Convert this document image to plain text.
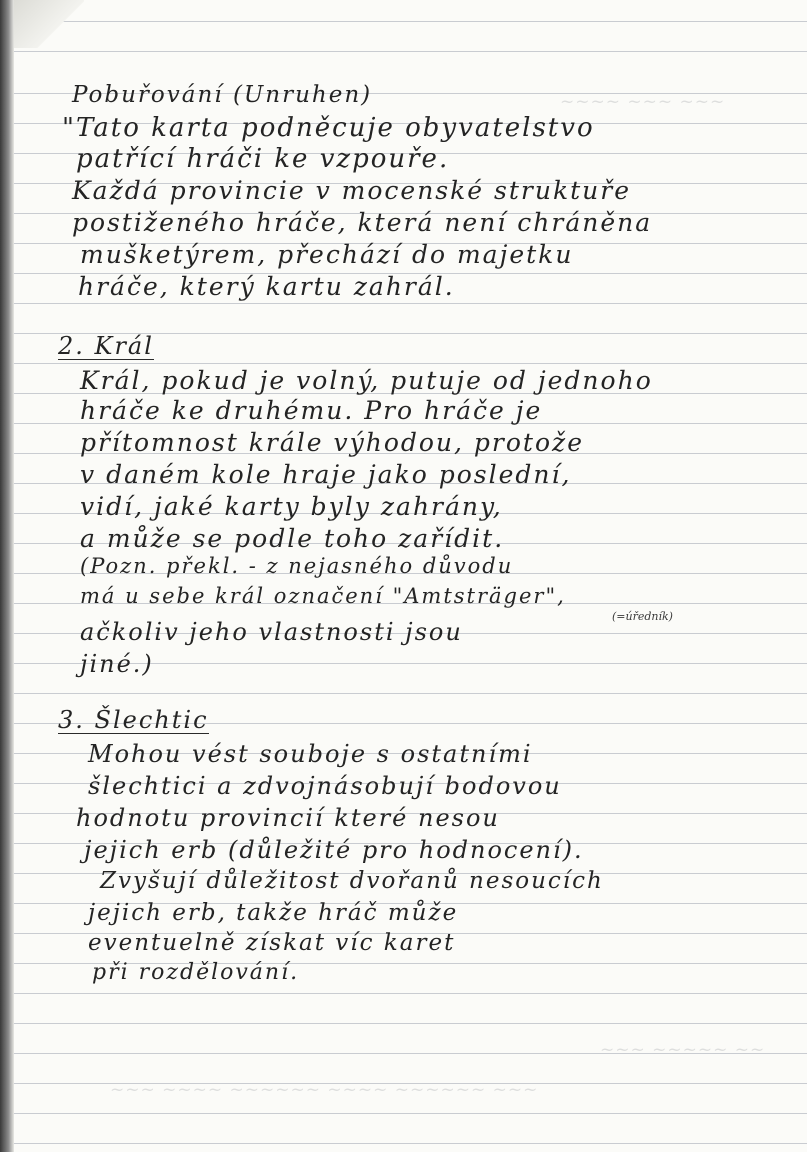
~~~~ ~~~ ~~~
~~~ ~~~~~ ~~
~~~ ~~~~ ~~~~~~ ~~~~ ~~~~~~ ~~~
Pobuřování (Unruhen)
"Tato karta podněcuje obyvatelstvo
patřící hráči ke vzpouře.
Každá provincie v mocenské struktuře
postiženého hráče, která není chráněna
mušketýrem, přechází do majetku
hráče, který kartu zahrál.
2. Král
Král, pokud je volný, putuje od jednoho
hráče ke druhému. Pro hráče je
přítomnost krále výhodou, protože
v daném kole hraje jako poslední,
vidí, jaké karty byly zahrány,
a může se podle toho zařídit.
(Pozn. překl. - z nejasného důvodu
má u sebe král označení "Amtsträger",
(=úředník)
ačkoliv jeho vlastnosti jsou
jiné.)
3. Šlechtic
Mohou vést souboje s ostatními
šlechtici a zdvojnásobují bodovou
hodnotu provincií které nesou
jejich erb (důležité pro hodnocení).
Zvyšují důležitost dvořanů nesoucích
jejich erb, takže hráč může
eventuelně získat víc karet
při rozdělování.
